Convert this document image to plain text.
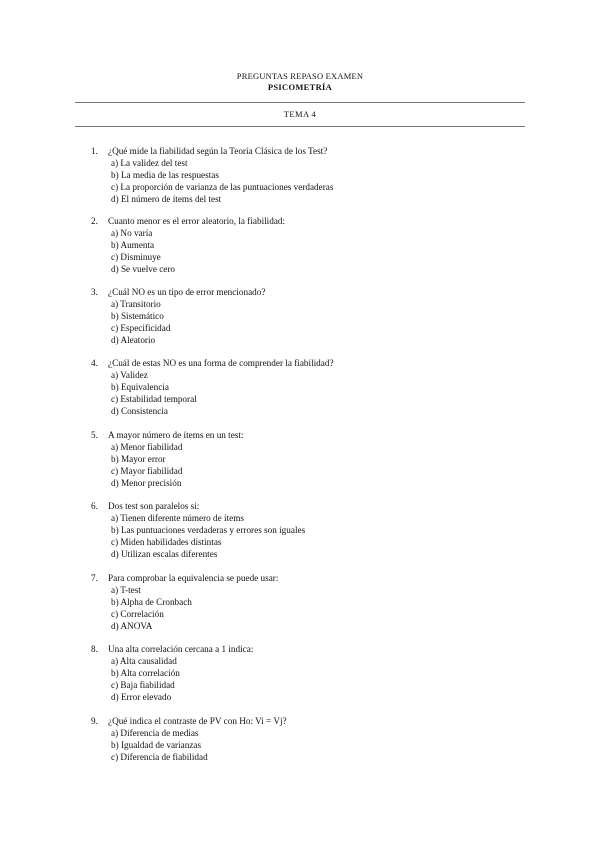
PREGUNTAS REPASO EXAMEN
PSICOMETRÍA
TEMA 4
1.	¿Qué mide la fiabilidad según la Teoría Clásica de los Test?
a) La validez del test
b) La media de las respuestas
c) La proporción de varianza de las puntuaciones verdaderas
d) El número de ítems del test
2.	Cuanto menor es el error aleatorio, la fiabilidad:
a) No varía
b) Aumenta
c) Disminuye
d) Se vuelve cero
3.	¿Cuál NO es un tipo de error mencionado?
a) Transitorio
b) Sistemático
c) Especificidad
d) Aleatorio
4.	¿Cuál de estas NO es una forma de comprender la fiabilidad?
a) Validez
b) Equivalencia
c) Estabilidad temporal
d) Consistencia
5.	A mayor número de ítems en un test:
a) Menor fiabilidad
b) Mayor error
c) Mayor fiabilidad
d) Menor precisión
6.	Dos test son paralelos si:
a) Tienen diferente número de ítems
b) Las puntuaciones verdaderas y errores son iguales
c) Miden habilidades distintas
d) Utilizan escalas diferentes
7.	Para comprobar la equivalencia se puede usar:
a) T-test
b) Alpha de Cronbach
c) Correlación
d) ANOVA
8.	Una alta correlación cercana a 1 indica:
a) Alta causalidad
b) Alta correlación
c) Baja fiabilidad
d) Error elevado
9.	¿Qué indica el contraste de PV con Ho: Vi = Vj?
a) Diferencia de medias
b) Igualdad de varianzas
c) Diferencia de fiabilidad
